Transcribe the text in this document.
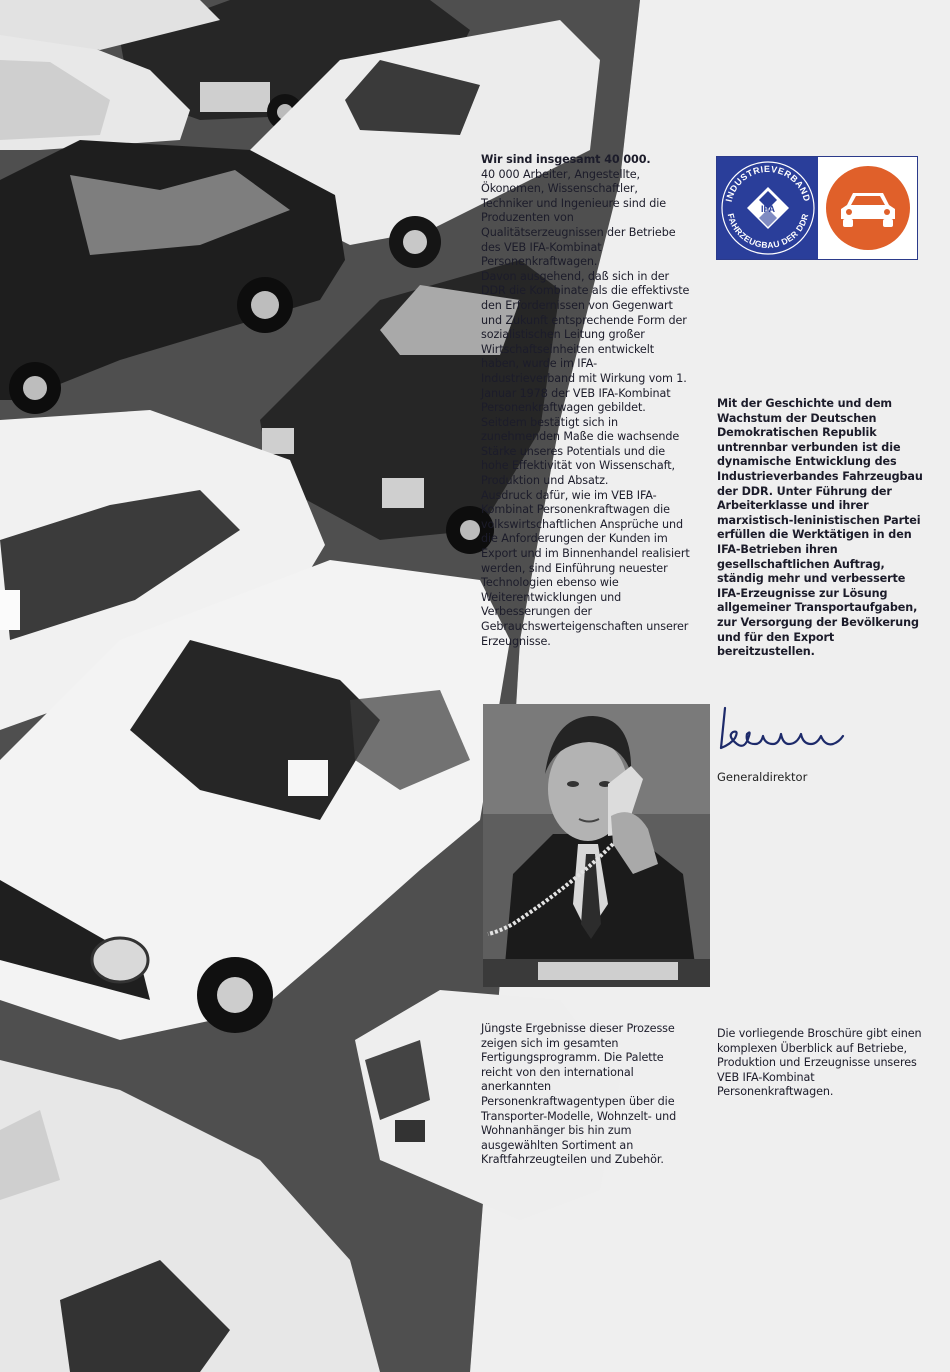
Wir sind insgesamt 40 000.

40 000 Arbeiter, Angestellte, Ökonomen, Wissenschaftler, Techniker und Ingenieure sind die Produzenten von Qualitätserzeugnissen der Betriebe des VEB IFA-Kombinat Personenkraftwagen.

Davon ausgehend, daß sich in der DDR die Kombinate als die effektivste den Erfordernissen von Gegenwart und Zukunft entsprechende Form der sozialistischen Leitung großer Wirtschaftseinheiten entwickelt haben, wurde im IFA-Industrieverband mit Wirkung vom 1. Januar 1978 der VEB IFA-Kombinat Personenkraftwagen gebildet.

Seitdem bestätigt sich in zunehmenden Maße die wachsende Stärke unseres Potentials und die hohe Effektivität von Wissenschaft, Produktion und Absatz.

Ausdruck dafür, wie im VEB IFA-Kombinat Personenkraftwagen die volkswirtschaftlichen Ansprüche und die Anforderungen der Kunden im Export und im Binnenhandel realisiert werden, sind Einführung neuester Technologien ebenso wie Weiterentwicklungen und Verbesserungen der Gebrauchswerteigenschaften unserer Erzeugnisse.

INDUSTRIEVERBAND
FAHRZEUGBAU DER DDR
IFA

Mit der Geschichte und dem Wachstum der Deutschen Demokratischen Republik untrennbar verbunden ist die dynamische Entwicklung des Industrieverbandes Fahrzeugbau der DDR. Unter Führung der Arbeiterklasse und ihrer marxistisch-leninistischen Partei erfüllen die Werktätigen in den IFA-Betrieben ihren gesellschaftlichen Auftrag, ständig mehr und verbesserte IFA-Erzeugnisse zur Lösung allgemeiner Transportaufgaben, zur Versorgung der Bevölkerung und für den Export bereitzustellen.

Generaldirektor

Jüngste Ergebnisse dieser Prozesse zeigen sich im gesamten Fertigungsprogramm. Die Palette reicht von den international anerkannten Personenkraftwagentypen über die Transporter-Modelle, Wohnzelt- und Wohnanhänger bis hin zum ausgewählten Sortiment an Kraftfahrzeugteilen und Zubehör.

Die vorliegende Broschüre gibt einen komplexen Überblick auf Betriebe, Produktion und Erzeugnisse unseres VEB IFA-Kombinat Personenkraftwagen.
